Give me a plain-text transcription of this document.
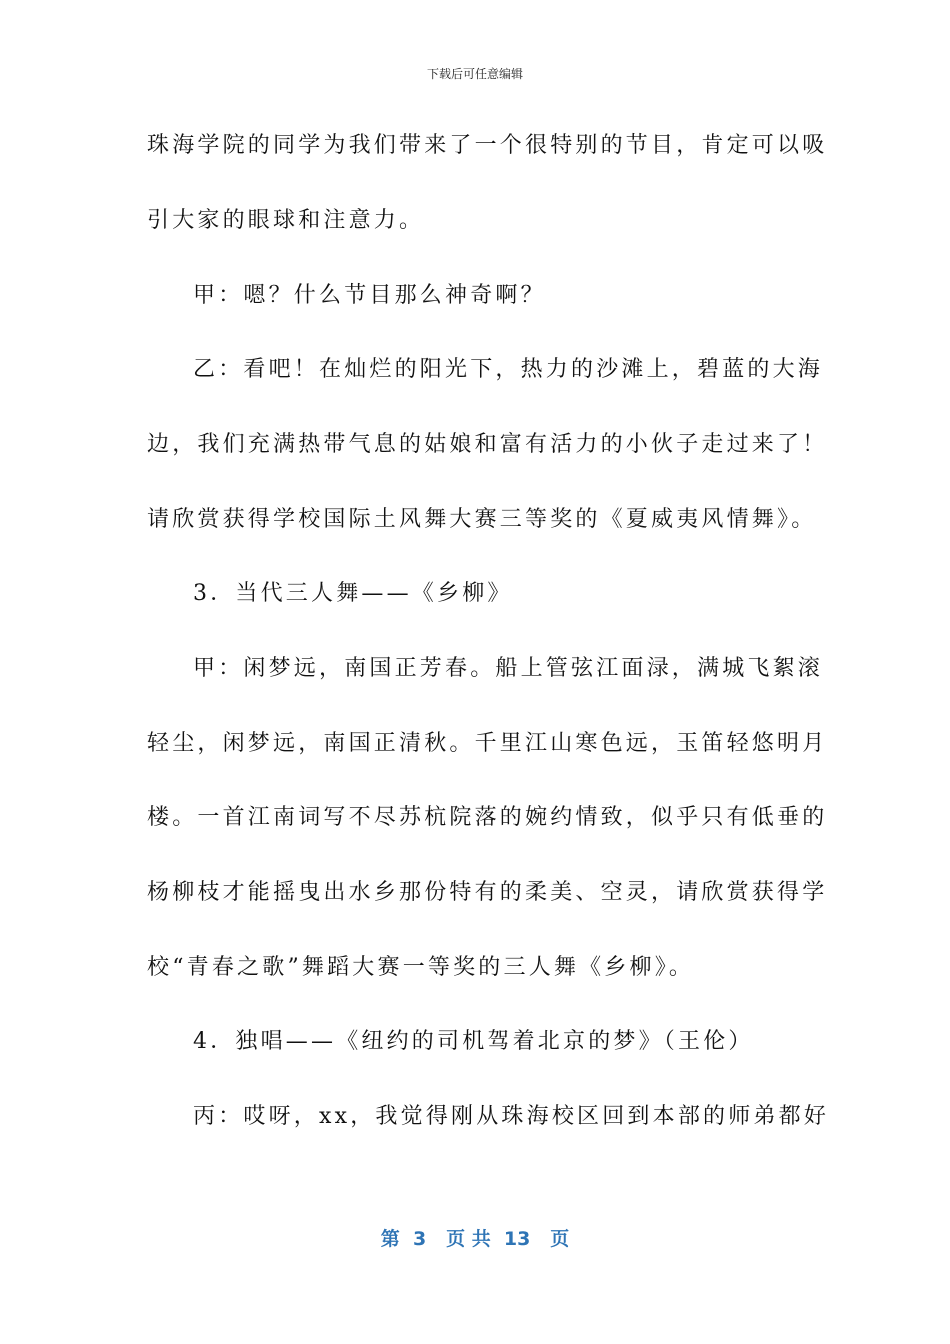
下载后可任意编辑
珠海学院的同学为我们带来了一个很特别的节目，肯定可以吸
引大家的眼球和注意力。
甲：嗯？什么节目那么神奇啊？
乙：看吧！在灿烂的阳光下，热力的沙滩上，碧蓝的大海
边，我们充满热带气息的姑娘和富有活力的小伙子走过来了！
请欣赏获得学校国际土风舞大赛三等奖的《夏威夷风情舞》。
3．当代三人舞——《乡柳》
甲：闲梦远，南国正芳春。船上管弦江面渌，满城飞絮滚
轻尘，闲梦远，南国正清秋。千里江山寒色远，玉笛轻悠明月
楼。一首江南词写不尽苏杭院落的婉约情致，似乎只有低垂的
杨柳枝才能摇曳出水乡那份特有的柔美、空灵，请欣赏获得学
校“青春之歌”舞蹈大赛一等奖的三人舞《乡柳》。
4．独唱——《纽约的司机驾着北京的梦》（王伦）
丙：哎呀，xx，我觉得刚从珠海校区回到本部的师弟都好
第  3   页 共  13   页
